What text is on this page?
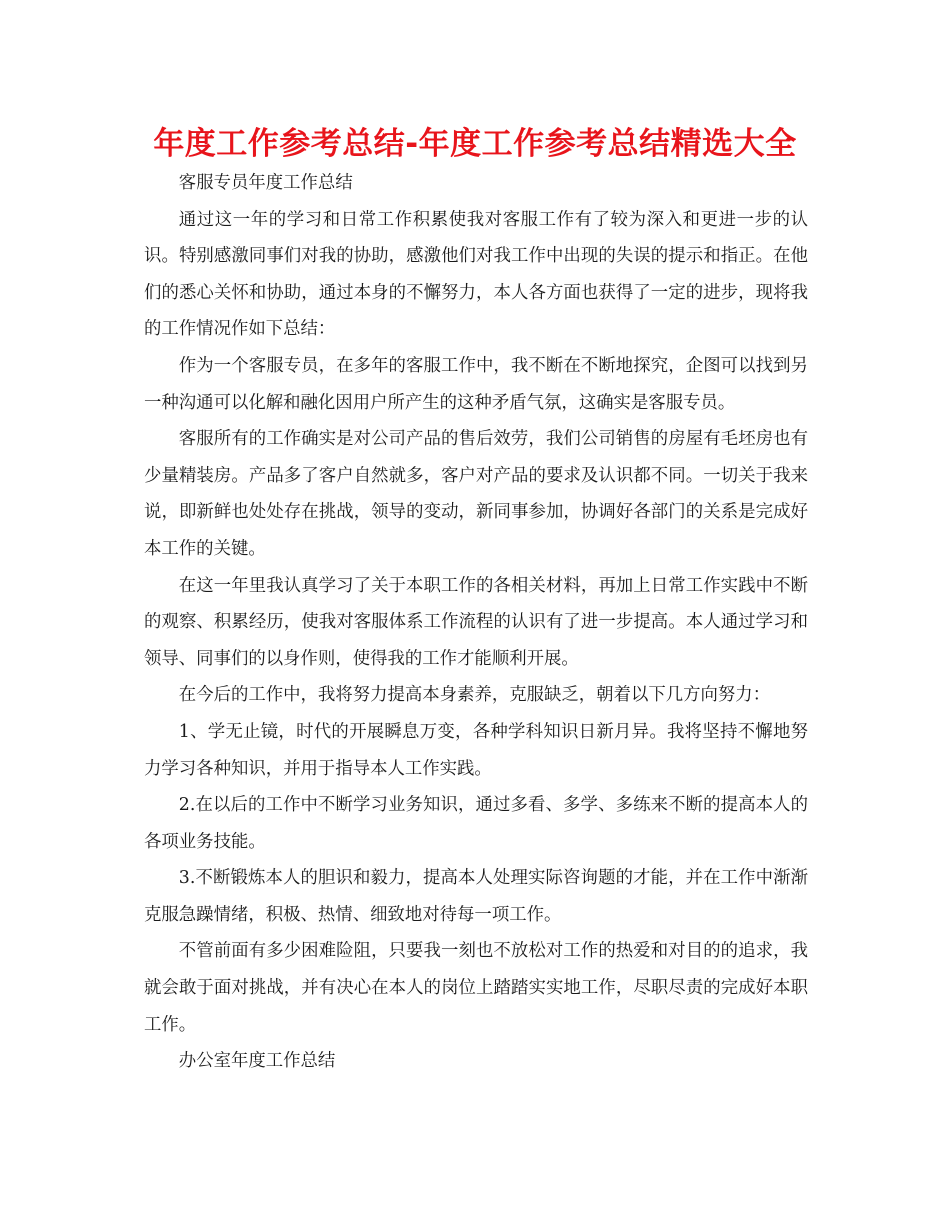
年度工作参考总结-年度工作参考总结精选大全

客服专员年度工作总结

通过这一年的学习和日常工作积累使我对客服工作有了较为深入和更进一步的认识。特别感激同事们对我的协助，感激他们对我工作中出现的失误的提示和指正。在他们的悉心关怀和协助，通过本身的不懈努力，本人各方面也获得了一定的进步，现将我的工作情况作如下总结：

作为一个客服专员，在多年的客服工作中，我不断在不断地探究，企图可以找到另一种沟通可以化解和融化因用户所产生的这种矛盾气氛，这确实是客服专员。

客服所有的工作确实是对公司产品的售后效劳，我们公司销售的房屋有毛坯房也有少量精装房。产品多了客户自然就多，客户对产品的要求及认识都不同。一切关于我来说，即新鲜也处处存在挑战，领导的变动，新同事参加，协调好各部门的关系是完成好本工作的关键。

在这一年里我认真学习了关于本职工作的各相关材料，再加上日常工作实践中不断的观察、积累经历，使我对客服体系工作流程的认识有了进一步提高。本人通过学习和领导、同事们的以身作则，使得我的工作才能顺利开展。

在今后的工作中，我将努力提高本身素养，克服缺乏，朝着以下几方向努力：

1、学无止镜，时代的开展瞬息万变，各种学科知识日新月异。我将坚持不懈地努力学习各种知识，并用于指导本人工作实践。

2.在以后的工作中不断学习业务知识，通过多看、多学、多练来不断的提高本人的各项业务技能。

3.不断锻炼本人的胆识和毅力，提高本人处理实际咨询题的才能，并在工作中渐渐克服急躁情绪，积极、热情、细致地对待每一项工作。

不管前面有多少困难险阻，只要我一刻也不放松对工作的热爱和对目的的追求，我就会敢于面对挑战，并有决心在本人的岗位上踏踏实实地工作，尽职尽责的完成好本职工作。

办公室年度工作总结
